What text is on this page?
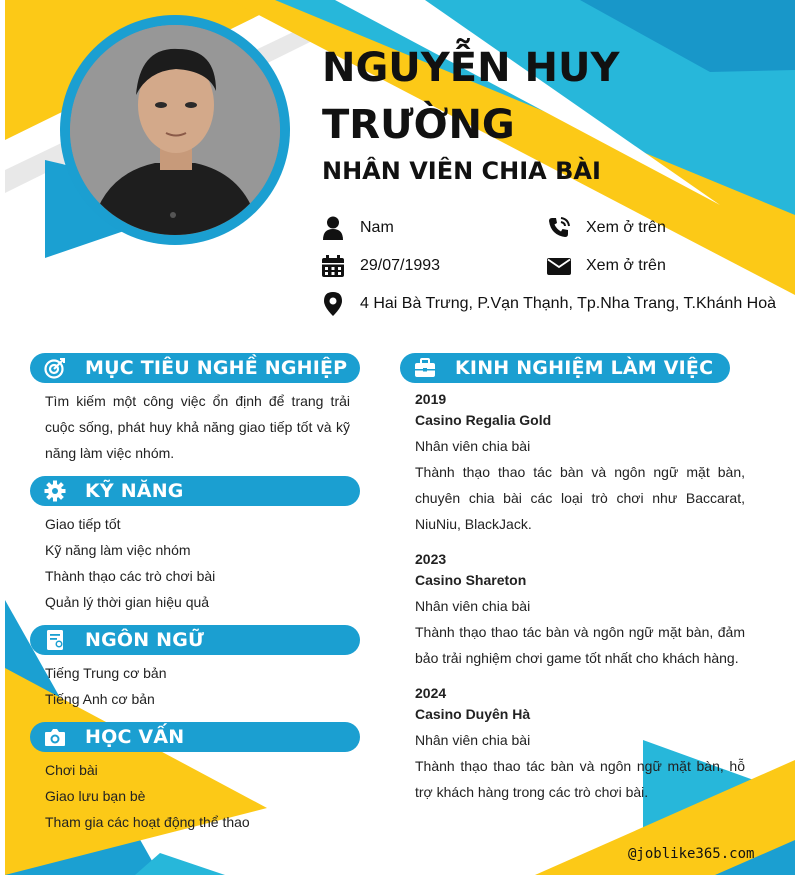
NGUYỄN HUY TRƯỜNG
NHÂN VIÊN CHIA BÀI
Nam	Xem ở trên
29/07/1993	Xem ở trên
4 Hai Bà Trưng, P.Vạn Thạnh, Tp.Nha Trang, T.Khánh Hoà
MỤC TIÊU NGHỀ NGHIỆP
Tìm kiếm một công việc ổn định để trang trải cuộc sống, phát huy khả năng giao tiếp tốt và kỹ năng làm việc nhóm.
KỸ NĂNG
Giao tiếp tốt
Kỹ năng làm việc nhóm
Thành thạo các trò chơi bài
Quản lý thời gian hiệu quả
NGÔN NGỮ
Tiếng Trung cơ bản
Tiếng Anh cơ bản
HỌC VẤN
Chơi bài
Giao lưu bạn bè
Tham gia các hoạt động thể thao
KINH NGHIỆM LÀM VIỆC
2019
Casino Regalia Gold
Nhân viên chia bài
Thành thạo thao tác bàn và ngôn ngữ mặt bàn, chuyên chia bài các loại trò chơi như Baccarat, NiuNiu, BlackJack.
2023
Casino Shareton
Nhân viên chia bài
Thành thạo thao tác bàn và ngôn ngữ mặt bàn, đảm bảo trải nghiệm chơi game tốt nhất cho khách hàng.
2024
Casino Duyên Hà
Nhân viên chia bài
Thành thạo thao tác bàn và ngôn ngữ mặt bàn, hỗ trợ khách hàng trong các trò chơi bài.
@joblike365.com
